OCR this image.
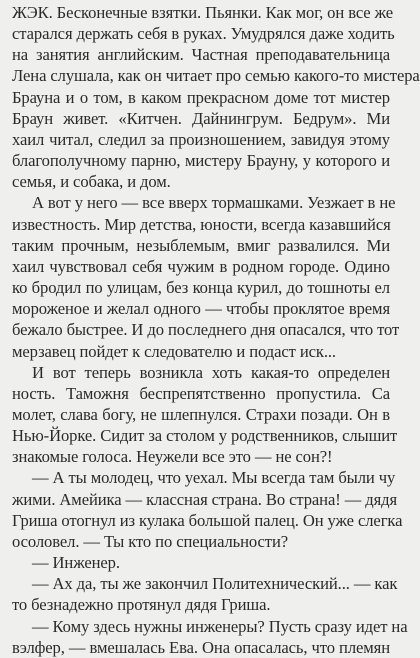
ЖЭК. Бесконечные взятки. Пьянки. Как мог, он все же
старался держать себя в руках. Умудрялся даже ходить
на занятия английским. Частная преподавательница
Лена слушала, как он читает про семью какого-то мистера
Брауна и о том, в каком прекрасном доме тот мистер
Браун живет. «Китчен. Дайнингрум. Бедрум». Ми
хаил читал, следил за произношением, завидуя этому
благополучному парню, мистеру Брауну, у которого и
семья, и собака, и дом.
А вот у него — все вверх тормашками. Уезжает в не
известность. Мир детства, юности, всегда казавшийся
таким прочным, незыблемым, вмиг развалился. Ми
хаил чувствовал себя чужим в родном городе. Одино
ко бродил по улицам, без конца курил, до тошноты ел
мороженое и желал одного — чтобы проклятое время
бежало быстрее. И до последнего дня опасался, что тот
мерзавец пойдет к следователю и подаст иск...
И вот теперь возникла хоть какая-то определен
ность. Таможня беспрепятственно пропустила. Са
молет, слава богу, не шлепнулся. Страхи позади. Он в
Нью-Йорке. Сидит за столом у родственников, слышит
знакомые голоса. Неужели все это — не сон?!
— А ты молодец, что уехал. Мы всегда там были чу
жими. Амейика — классная страна. Во страна! — дядя
Гриша отогнул из кулака большой палец. Он уже слегка
осоловел. — Ты кто по специальности?
— Инженер.
— Ах да, ты же закончил Политехнический... — как
то безнадежно протянул дядя Гриша.
— Кому здесь нужны инженеры? Пусть сразу идет на
вэлфер, — вмешалась Ева. Она опасалась, что племян
